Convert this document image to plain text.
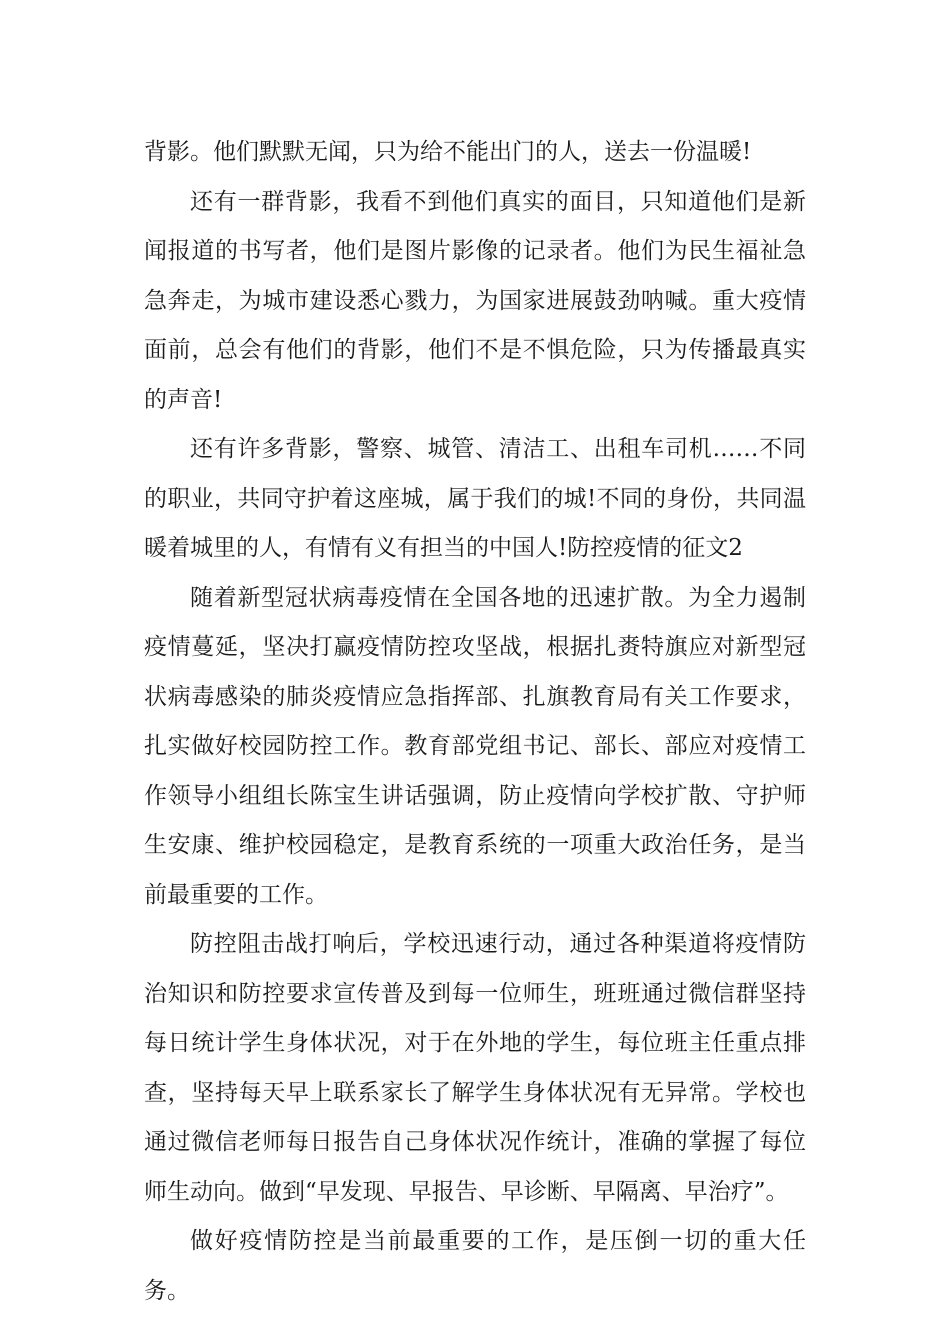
背影。他们默默无闻，只为给不能出门的人，送去一份温暖!

还有一群背影，我看不到他们真实的面目，只知道他们是新闻报道的书写者，他们是图片影像的记录者。他们为民生福祉急急奔走，为城市建设悉心戮力，为国家进展鼓劲呐喊。重大疫情面前，总会有他们的背影，他们不是不惧危险，只为传播最真实的声音!

还有许多背影，警察、城管、清洁工、出租车司机……不同的职业，共同守护着这座城，属于我们的城!不同的身份，共同温暖着城里的人，有情有义有担当的中国人!防控疫情的征文2

随着新型冠状病毒疫情在全国各地的迅速扩散。为全力遏制疫情蔓延，坚决打赢疫情防控攻坚战，根据扎赉特旗应对新型冠状病毒感染的肺炎疫情应急指挥部、扎旗教育局有关工作要求，扎实做好校园防控工作。教育部党组书记、部长、部应对疫情工作领导小组组长陈宝生讲话强调，防止疫情向学校扩散、守护师生安康、维护校园稳定，是教育系统的一项重大政治任务，是当前最重要的工作。

防控阻击战打响后，学校迅速行动，通过各种渠道将疫情防治知识和防控要求宣传普及到每一位师生，班班通过微信群坚持每日统计学生身体状况，对于在外地的学生，每位班主任重点排查，坚持每天早上联系家长了解学生身体状况有无异常。学校也通过微信老师每日报告自己身体状况作统计，准确的掌握了每位师生动向。做到“早发现、早报告、早诊断、早隔离、早治疗”。

做好疫情防控是当前最重要的工作，是压倒一切的重大任务。
